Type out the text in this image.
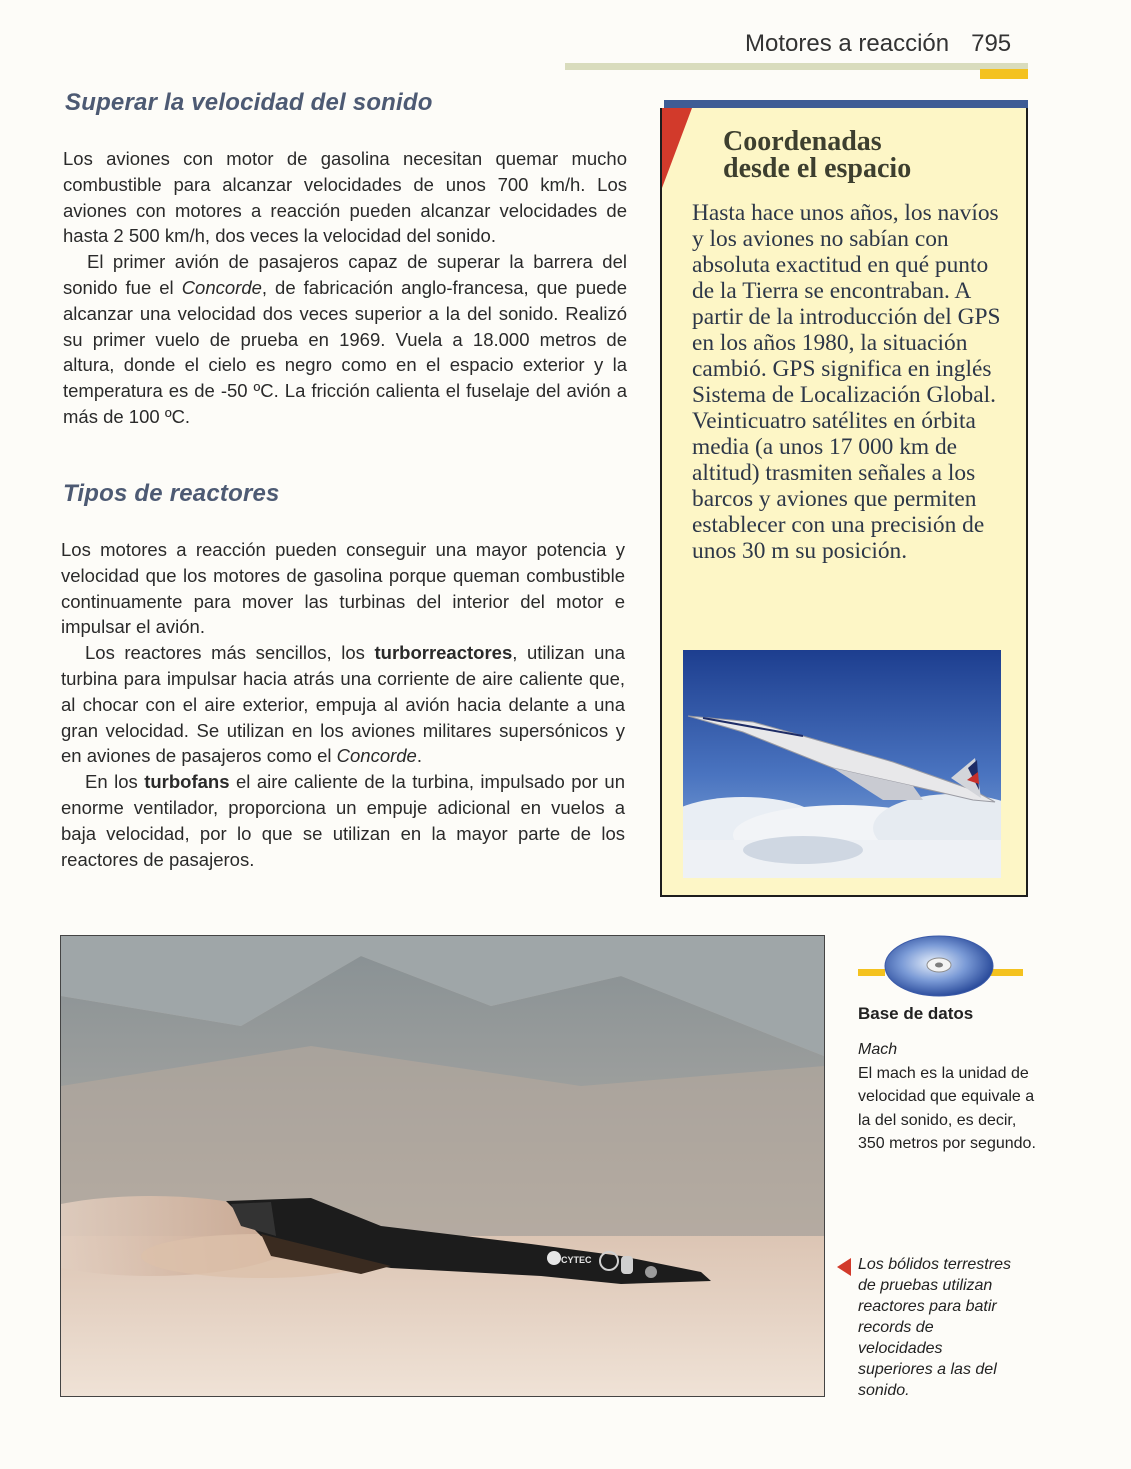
Motores a reacción 795
Superar la velocidad del sonido

Los aviones con motor de gasolina necesitan quemar mucho combustible para alcanzar velocidades de unos 700 km/h. Los aviones con motores a reacción pueden alcanzar velocidades de hasta 2 500 km/h, dos veces la velocidad del sonido.

El primer avión de pasajeros capaz de superar la barrera del sonido fue el Concorde, de fabricación anglo-francesa, que puede alcanzar una velocidad dos veces superior a la del sonido. Realizó su primer vuelo de prueba en 1969. Vuela a 18.000 metros de altura, donde el cielo es negro como en el espacio exterior y la temperatura es de -50 ºC. La fricción calienta el fuselaje del avión a más de 100 ºC.

Tipos de reactores

Los motores a reacción pueden conseguir una mayor potencia y velocidad que los motores de gasolina porque queman combustible continuamente para mover las turbinas del interior del motor e impulsar el avión.

Los reactores más sencillos, los turborreactores, utilizan una turbina para impulsar hacia atrás una corriente de aire caliente que, al chocar con el aire exterior, empuja al avión hacia delante a una gran velocidad. Se utilizan en los aviones militares supersónicos y en aviones de pasajeros como el Concorde.

En los turbofans el aire caliente de la turbina, impulsado por un enorme ventilador, proporciona un empuje adicional en vuelos a baja velocidad, por lo que se utilizan en la mayor parte de los reactores de pasajeros.

Coordenadas
desde el espacio

Hasta hace unos años, los navíos y los aviones no sabían con absoluta exactitud en qué punto de la Tierra se encontraban. A partir de la introducción del GPS en los años 1980, la situación cambió. GPS significa en inglés Sistema de Localización Global. Veinticuatro satélites en órbita media (a unos 17 000 km de altitud) trasmiten señales a los barcos y aviones que permiten establecer con una precisión de unos 30 m su posición.

CYTEC
Base de datos
Mach

El mach es la unidad de velocidad que equivale a la del sonido, es decir, 350 metros por segundo.

Los bólidos terrestres de pruebas utilizan reactores para batir records de velocidades superiores a las del sonido.
